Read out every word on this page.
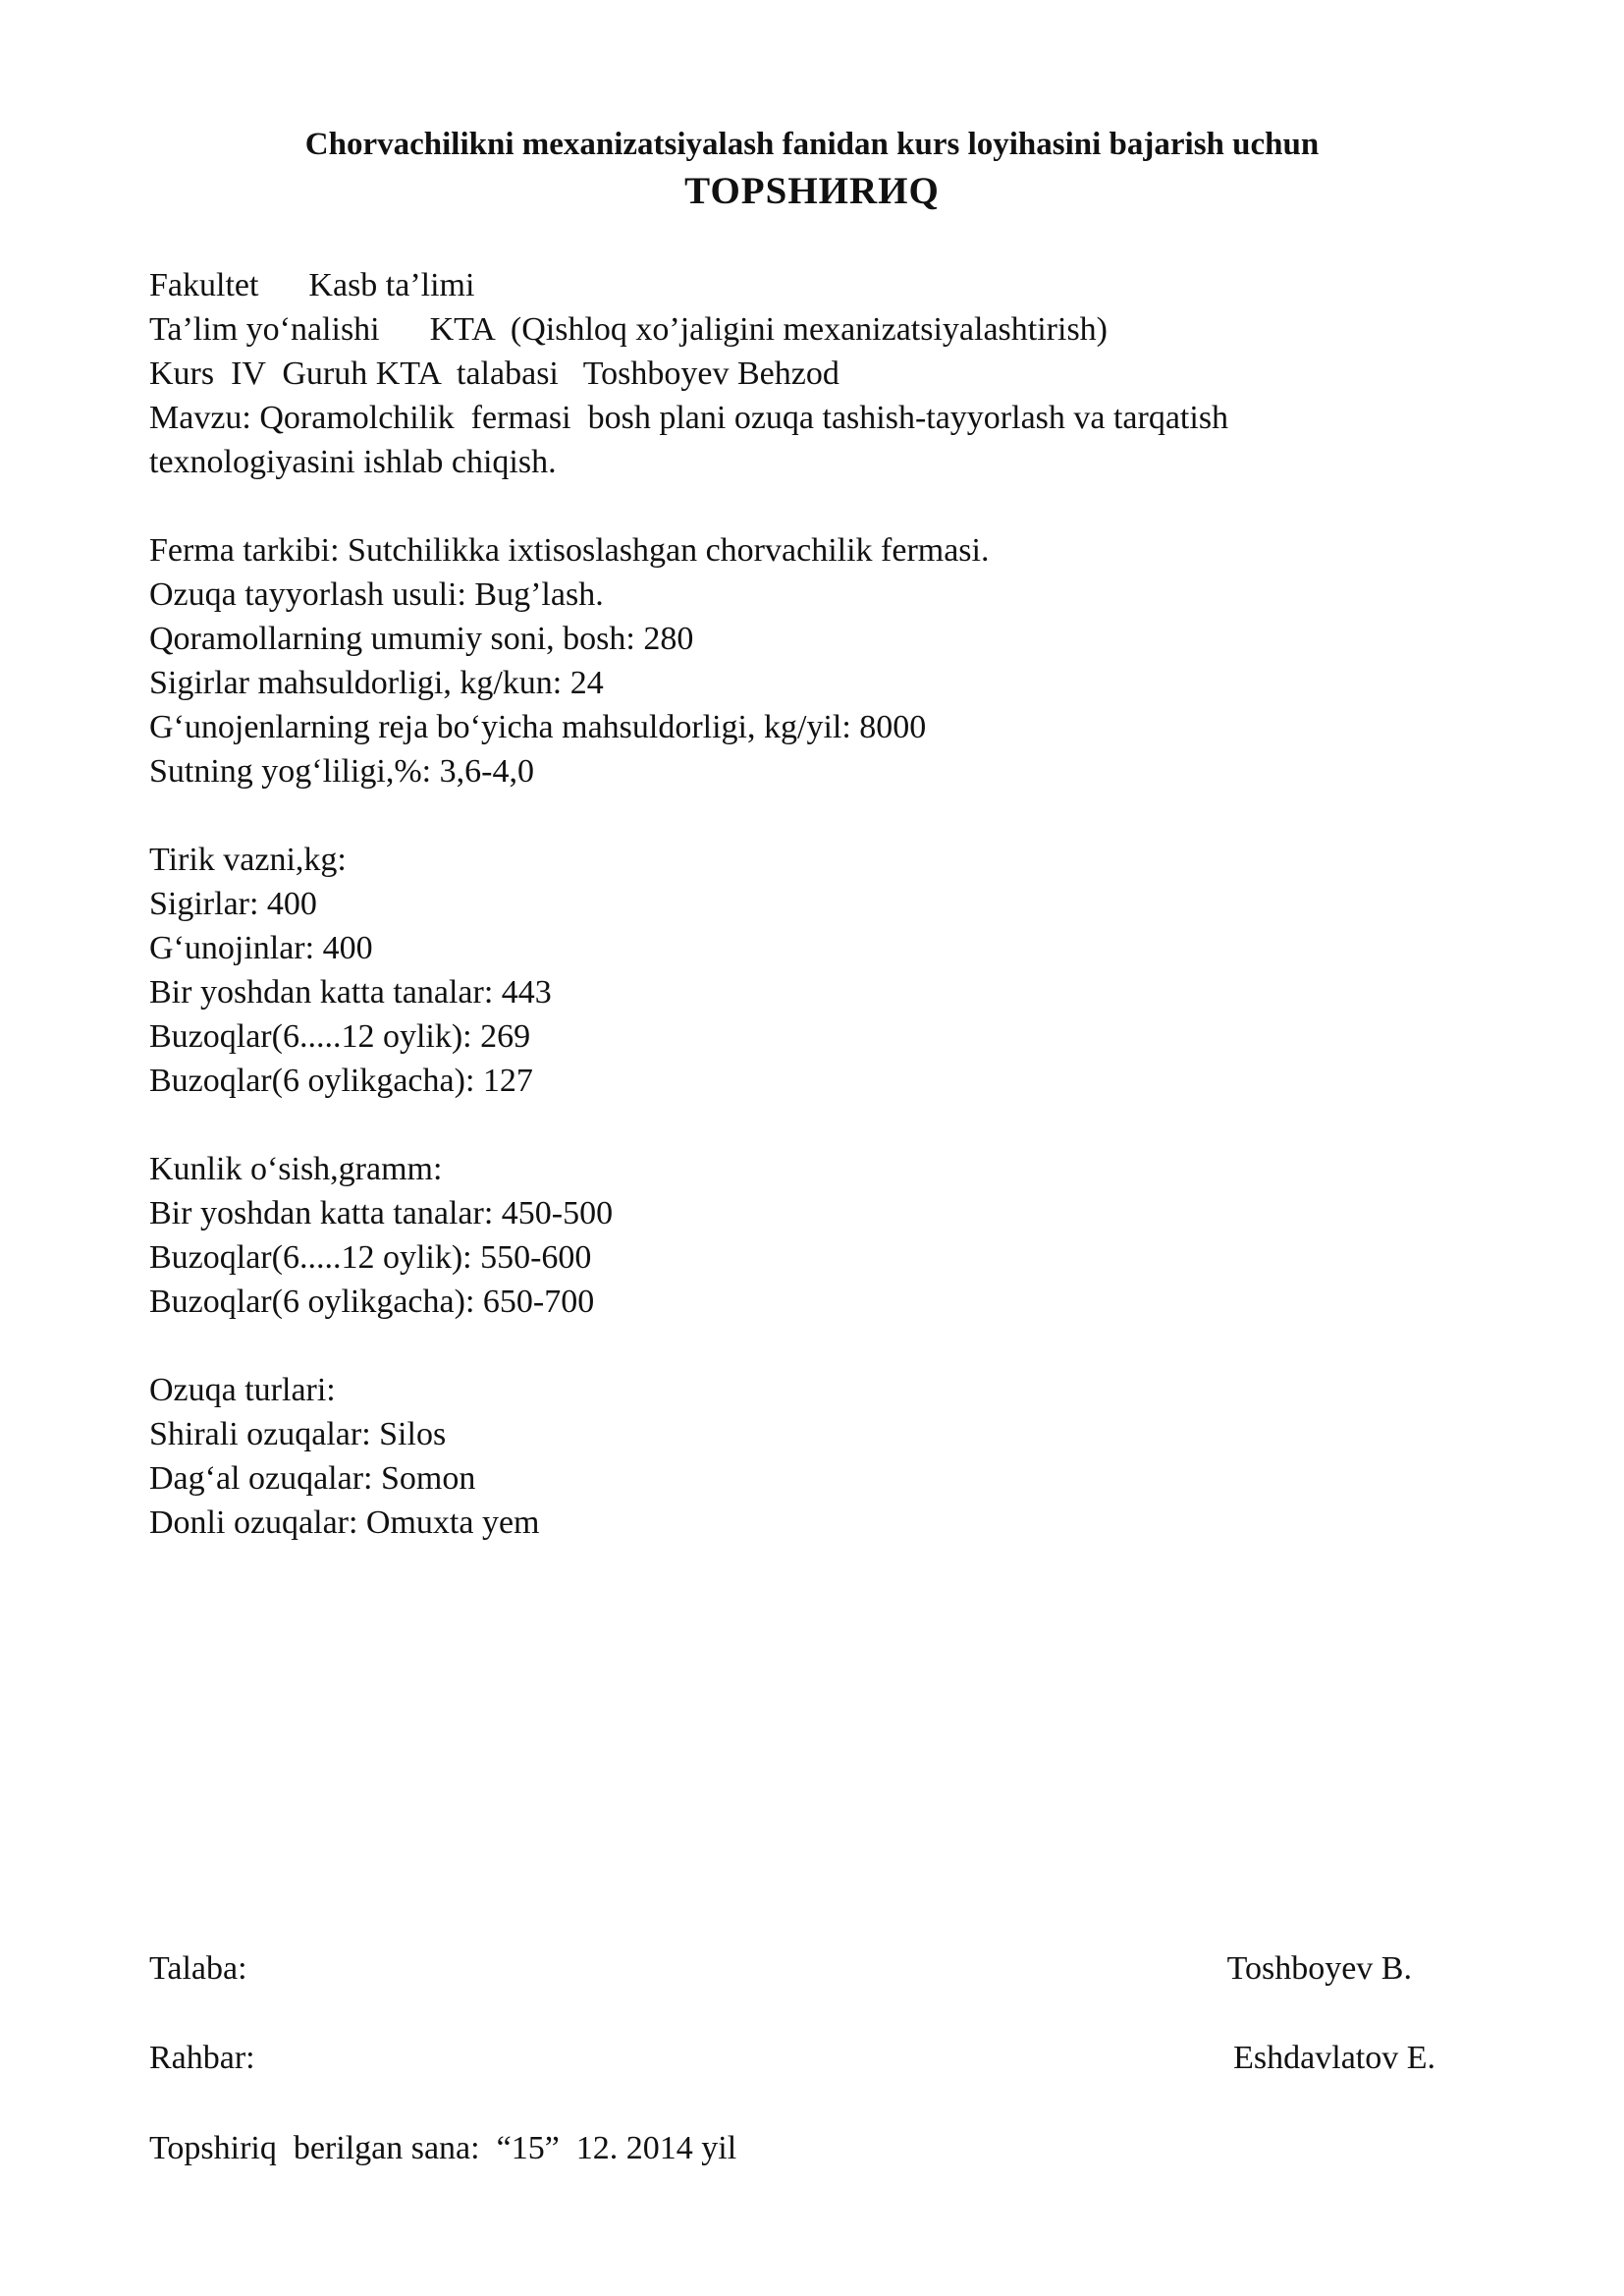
Chorvachilikni mexanizatsiyalash fanidan kurs loyihasini bajarish uchun

TOPSHИRИQ

Fakultet      Kasb ta’limi
Ta’lim yo‘nalishi      KTA  (Qishloq xo’jaligini mexanizatsiyalashtirish)
Kurs  IV  Guruh KTA  talabasi   Toshboyev Behzod
Mavzu: Qoramolchilik  fermasi  bosh plani ozuqa tashish-tayyorlash va tarqatish
texnologiyasini ishlab chiqish.
Ferma tarkibi: Sutchilikka ixtisoslashgan chorvachilik fermasi.
Ozuqa tayyorlash usuli: Bug’lash.
Qoramollarning umumiy soni, bosh: 280
Sigirlar mahsuldorligi, kg/kun: 24
G‘unojenlarning reja bo‘yicha mahsuldorligi, kg/yil: 8000
Sutning yog‘liligi,%: 3,6-4,0
Tirik vazni,kg:
Sigirlar: 400
G‘unojinlar: 400
Bir yoshdan katta tanalar: 443
Buzoqlar(6.....12 oylik): 269
Buzoqlar(6 oylikgacha): 127
Kunlik o‘sish,gramm:
Bir yoshdan katta tanalar: 450-500
Buzoqlar(6.....12 oylik): 550-600
Buzoqlar(6 oylikgacha): 650-700
Ozuqa turlari:
Shirali ozuqalar: Silos
Dag‘al ozuqalar: Somon
Donli ozuqalar: Omuxta yem
Talaba:	Toshboyev B.
Rahbar:	Eshdavlatov E.
Topshiriq  berilgan sana:  “15”  12. 2014 yil
